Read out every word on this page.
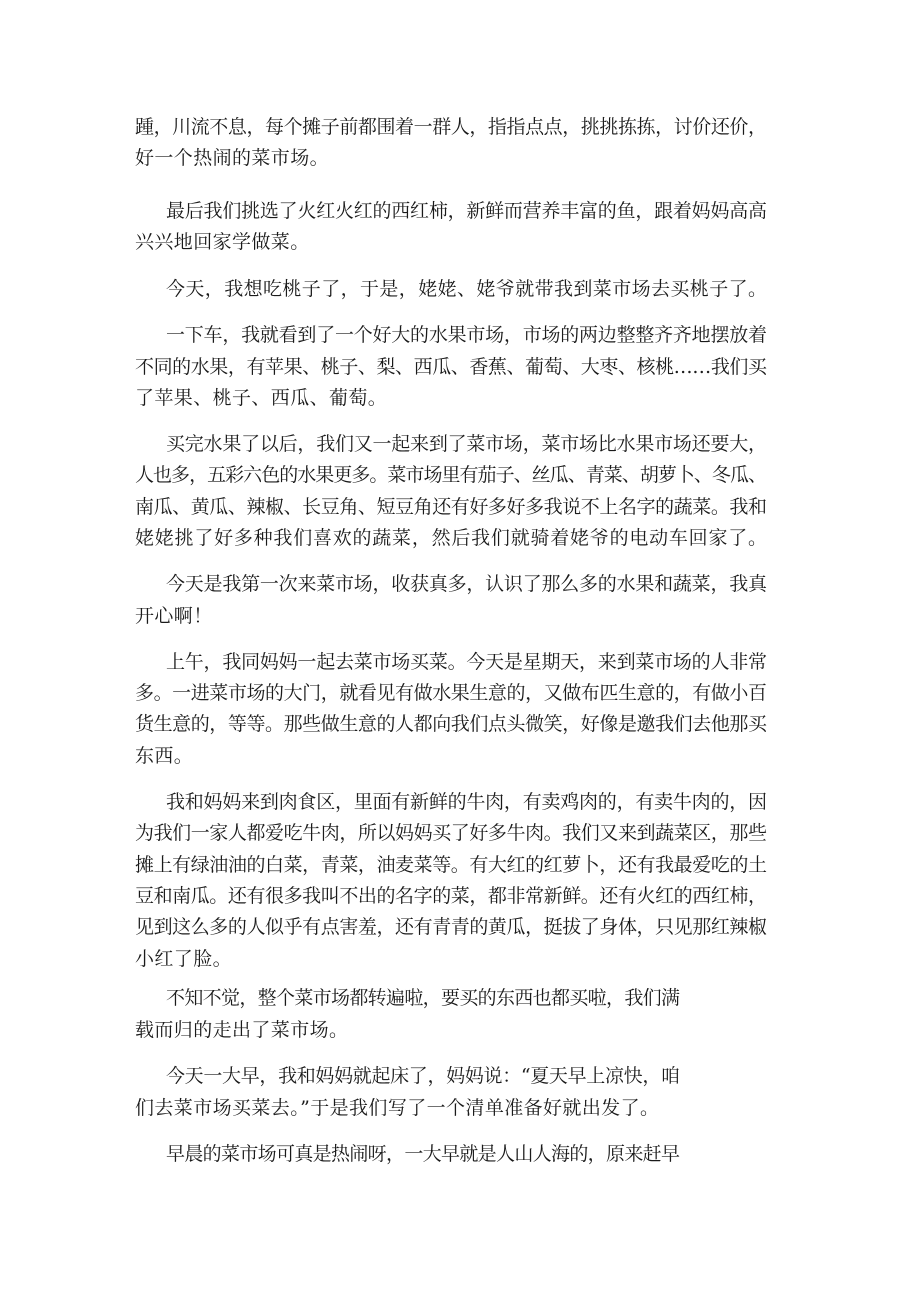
踵，川流不息，每个摊子前都围着一群人，指指点点，挑挑拣拣，讨价还价，
好一个热闹的菜市场。
最后我们挑选了火红火红的西红柿，新鲜而营养丰富的鱼，跟着妈妈高高
兴兴地回家学做菜。
今天，我想吃桃子了，于是，姥姥、姥爷就带我到菜市场去买桃子了。
一下车，我就看到了一个好大的水果市场，市场的两边整整齐齐地摆放着
不同的水果，有苹果、桃子、梨、西瓜、香蕉、葡萄、大枣、核桃……我们买
了苹果、桃子、西瓜、葡萄。
买完水果了以后，我们又一起来到了菜市场，菜市场比水果市场还要大，
人也多，五彩六色的水果更多。菜市场里有茄子、丝瓜、青菜、胡萝卜、冬瓜、
南瓜、黄瓜、辣椒、长豆角、短豆角还有好多好多我说不上名字的蔬菜。我和
姥姥挑了好多种我们喜欢的蔬菜，然后我们就骑着姥爷的电动车回家了。
今天是我第一次来菜市场，收获真多，认识了那么多的水果和蔬菜，我真
开心啊！
上午，我同妈妈一起去菜市场买菜。今天是星期天，来到菜市场的人非常
多。一进菜市场的大门，就看见有做水果生意的，又做布匹生意的，有做小百
货生意的，等等。那些做生意的人都向我们点头微笑，好像是邀我们去他那买
东西。
我和妈妈来到肉食区，里面有新鲜的牛肉，有卖鸡肉的，有卖牛肉的，因
为我们一家人都爱吃牛肉，所以妈妈买了好多牛肉。我们又来到蔬菜区，那些
摊上有绿油油的白菜，青菜，油麦菜等。有大红的红萝卜，还有我最爱吃的土
豆和南瓜。还有很多我叫不出的名字的菜，都非常新鲜。还有火红的西红柿，
见到这么多的人似乎有点害羞，还有青青的黄瓜，挺拔了身体，只见那红辣椒
小红了脸。
不知不觉，整个菜市场都转遍啦，要买的东西也都买啦，我们满
载而归的走出了菜市场。
今天一大早，我和妈妈就起床了，妈妈说：“夏天早上凉快，咱
们去菜市场买菜去。”于是我们写了一个清单准备好就出发了。
早晨的菜市场可真是热闹呀，一大早就是人山人海的，原来赶早
